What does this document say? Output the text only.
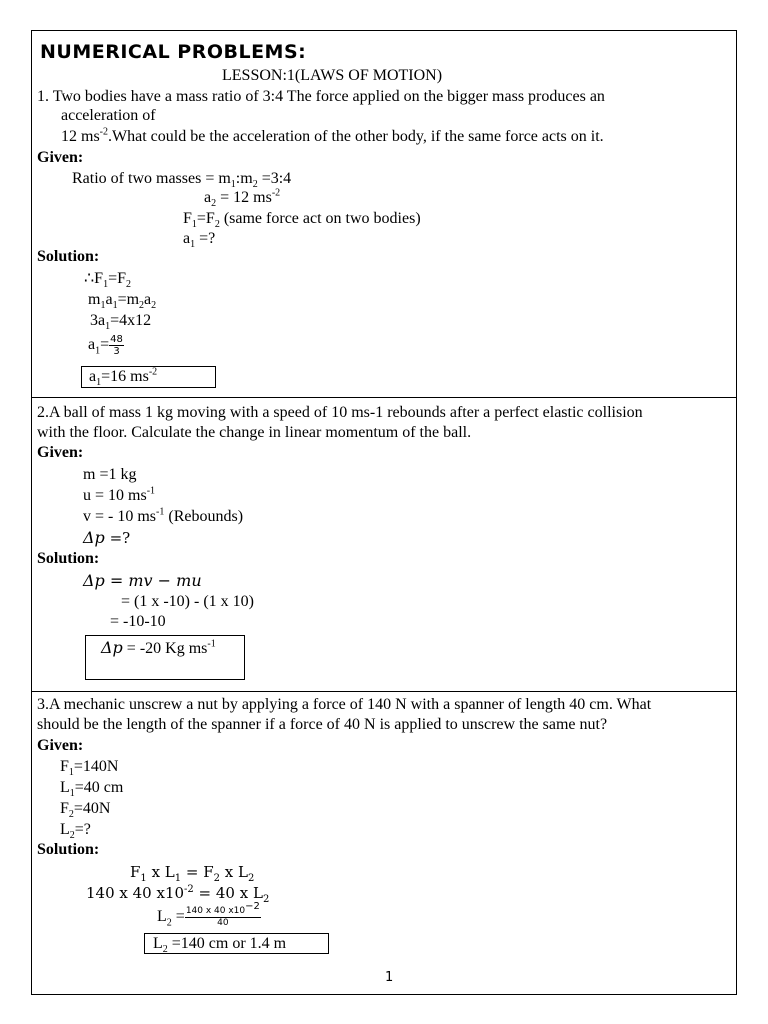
NUMERICAL PROBLEMS:
LESSON:1(LAWS OF MOTION)
1. Two bodies have a mass ratio of 3:4 The force applied on the bigger mass produces an
acceleration of
12 $ms^{-2}.What$ could be the acceleration of the other body, if the same force acts on it.
Given:
Ratio of two masses = $m_1:m_2$ =3:4
$a_2 = 12$ $ms^{-2}$
$F_1=F_2$ (same force act on two bodies)
$a_1$ =?
Solution:
$\therefore F_1=F_2$
$m_1a_1=m_2a_2$
$3a_1=4x12$
$a_1= \frac{48}{3}$
$a_1=16$ $ms^{-2}$
2.A ball of mass 1 kg moving with a speed of 10 ms-1 rebounds after a perfect elastic collision
with the floor. Calculate the change in linear momentum of the ball.
Given:
m =1 kg
u = 10 $ms^{-1}$
v = - 10 $ms^{-1}$ (Rebounds)
Δp =?
Solution:
Δp = mv − mu
= (1 x -10) - (1 x 10)
= -10-10
Δp = -20 Kg $ms^{-1}$
3.A mechanic unscrew a nut by applying a force of 140 N with a spanner of length 40 cm. What
should be the length of the spanner if a force of 40 N is applied to unscrew the same nut?
Given:
$F_1=140N$
$L_1=40$ cm
$F_2=40N$
$L_2=$?
Solution:
$F_1$ x $L_1 = F_2$ x $L_2$
140 x 40 $x10^{-2} = 40$ x $L_2$
$L_2 = \frac{140 x 40 x10^{-2}}{40}$
$L_2 =140$ cm or 1.4 m
1
